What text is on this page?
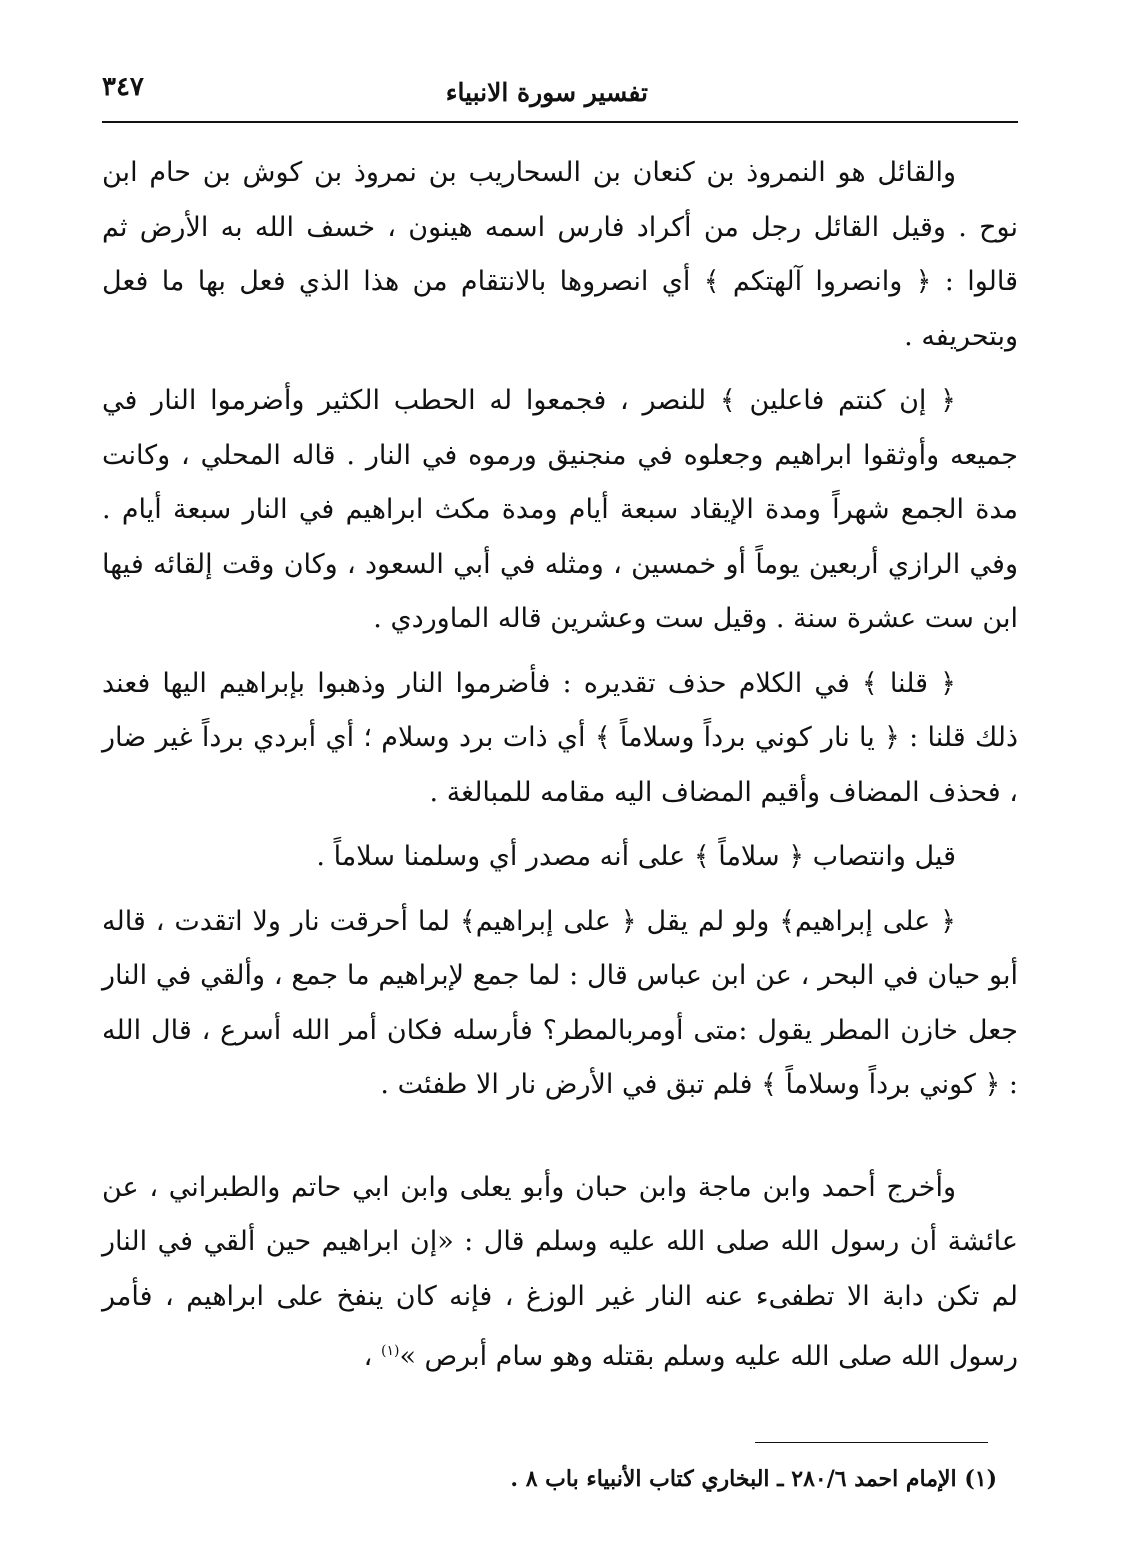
تفسير سورة الانبياء
٣٤٧

والقائل هو النمروذ بن كنعان بن السحاريب بن نمروذ بن كوش بن حام ابن نوح . وقيل القائل رجل من أكراد فارس اسمه هينون ، خسف الله به الأرض ثم قالوا : ﴿ وانصروا آلهتكم ﴾ أي انصروها بالانتقام من هذا الذي فعل بها ما فعل وبتحريفه .

﴿ إن كنتم فاعلين ﴾ للنصر ، فجمعوا له الحطب الكثير وأضرموا النار في جميعه وأوثقوا ابراهيم وجعلوه في منجنيق ورموه في النار . قاله المحلي ، وكانت مدة الجمع شهراً ومدة الإيقاد سبعة أيام ومدة مكث ابراهيم في النار سبعة أيام . وفي الرازي أربعين يوماً أو خمسين ، ومثله في أبي السعود ، وكان وقت إلقائه فيها ابن ست عشرة سنة . وقيل ست وعشرين قاله الماوردي .

﴿ قلنا ﴾ في الكلام حذف تقديره : فأضرموا النار وذهبوا بإبراهيم اليها فعند ذلك قلنا : ﴿ يا نار كوني برداً وسلاماً ﴾ أي ذات برد وسلام ؛ أي أبردي برداً غير ضار ، فحذف المضاف وأقيم المضاف اليه مقامه للمبالغة .

قيل وانتصاب ﴿ سلاماً ﴾ على أنه مصدر أي وسلمنا سلاماً .

﴿ على إبراهيم﴾ ولو لم يقل ﴿ على إبراهيم﴾ لما أحرقت نار ولا اتقدت ، قاله أبو حيان في البحر ، عن ابن عباس قال : لما جمع لإبراهيم ما جمع ، وألقي في النار جعل خازن المطر يقول :متى أومربالمطر؟ فأرسله فكان أمر الله أسرع ، قال الله : ﴿ كوني برداً وسلاماً ﴾ فلم تبق في الأرض نار الا طفئت .

وأخرج أحمد وابن ماجة وابن حبان وأبو يعلى وابن ابي حاتم والطبراني ، عن عائشة أن رسول الله صلى الله عليه وسلم قال : «إن ابراهيم حين ألقي في النار لم تكن دابة الا تطفىء عنه النار غير الوزغ ، فإنه كان ينفخ على ابراهيم ، فأمر رسول الله صلى الله عليه وسلم بقتله وهو سام أبرص »$^{(١)}$ ،

(١) الإمام احمد ٢٨٠/٦ ـ البخاري كتاب الأنبياء باب ٨ .
